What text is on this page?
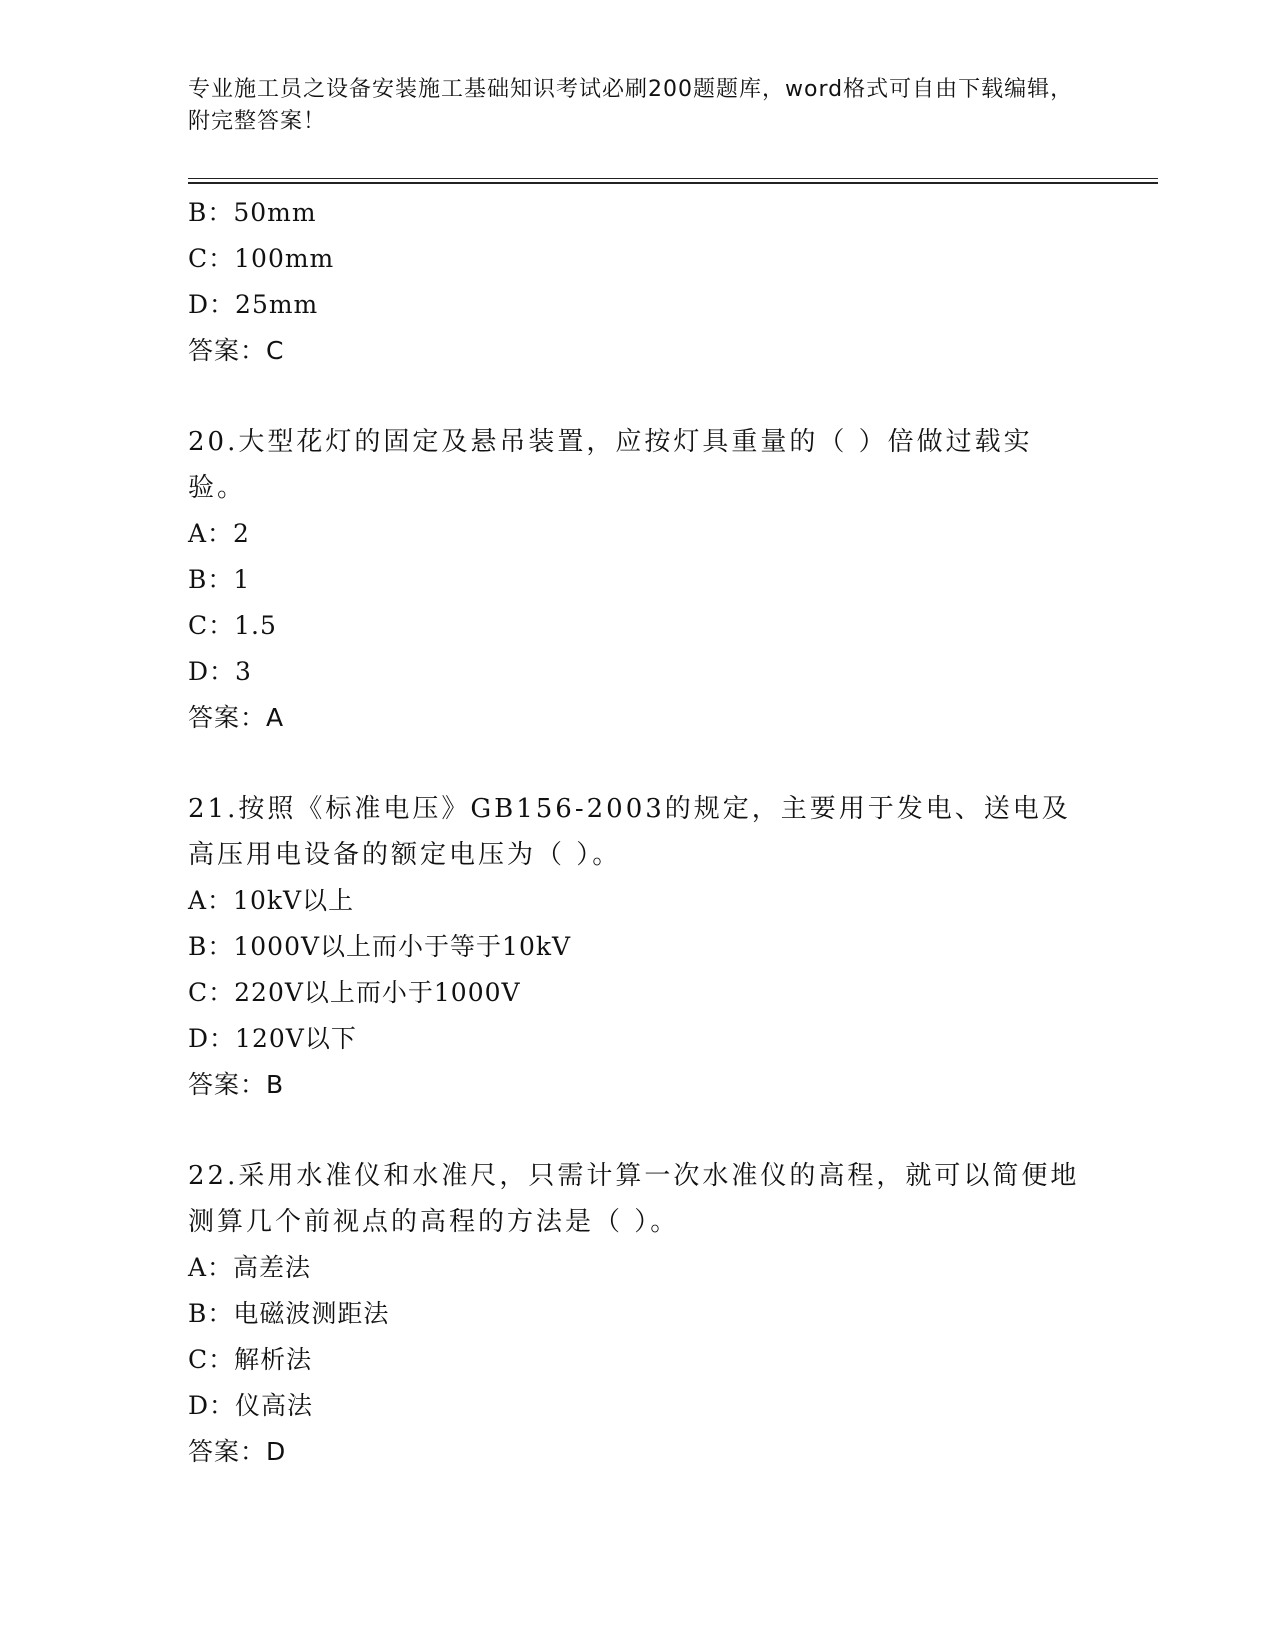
专业施工员之设备安装施工基础知识考试必刷200题题库，word格式可自由下载编辑，附完整答案！
B：50mm
C：100mm
D：25mm
答案：C
20.大型花灯的固定及悬吊装置，应按灯具重量的（ ）倍做过载实验。
A：2
B：1
C：1.5
D：3
答案：A
21.按照《标准电压》GB156-2003的规定，主要用于发电、送电及高压用电设备的额定电压为（ ）。
A：10kV以上
B：1000V以上而小于等于10kV
C：220V以上而小于1000V
D：120V以下
答案：B
22.采用水准仪和水准尺，只需计算一次水准仪的高程，就可以简便地测算几个前视点的高程的方法是（ ）。
A：高差法
B：电磁波测距法
C：解析法
D：仪高法
答案：D
